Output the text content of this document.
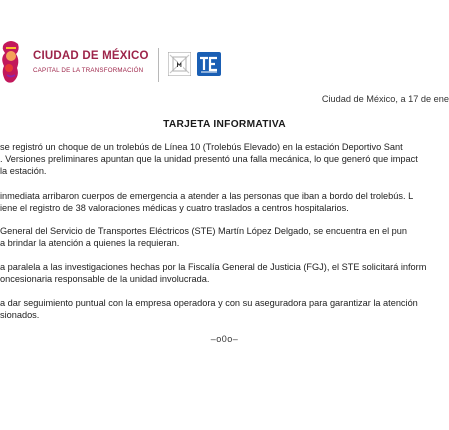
CIUDAD DE MÉXICO
CAPITAL DE LA TRANSFORMACIÓN
Ciudad de México, a 17 de ene
TARJETA INFORMATIVA
se registró un choque de un trolebús de Línea 10 (Trolebús Elevado) en la estación Deportivo Sant
. Versiones preliminares apuntan que la unidad presentó una falla mecánica, lo que generó que impact
la estación.
inmediata arribaron cuerpos de emergencia a atender a las personas que iban a bordo del trolebús. L
iene el registro de 38 valoraciones médicas y cuatro traslados a centros hospitalarios.
General del Servicio de Transportes Eléctricos (STE) Martín López Delgado, se encuentra en el pun
a brindar la atención a quienes la requieran.
a paralela a las investigaciones hechas por la Fiscalía General de Justicia (FGJ), el STE solicitará inform
oncesionaria responsable de la unidad involucrada.
a dar seguimiento puntual con la empresa operadora y con su aseguradora para garantizar la atención
sionados.
–o0o–
